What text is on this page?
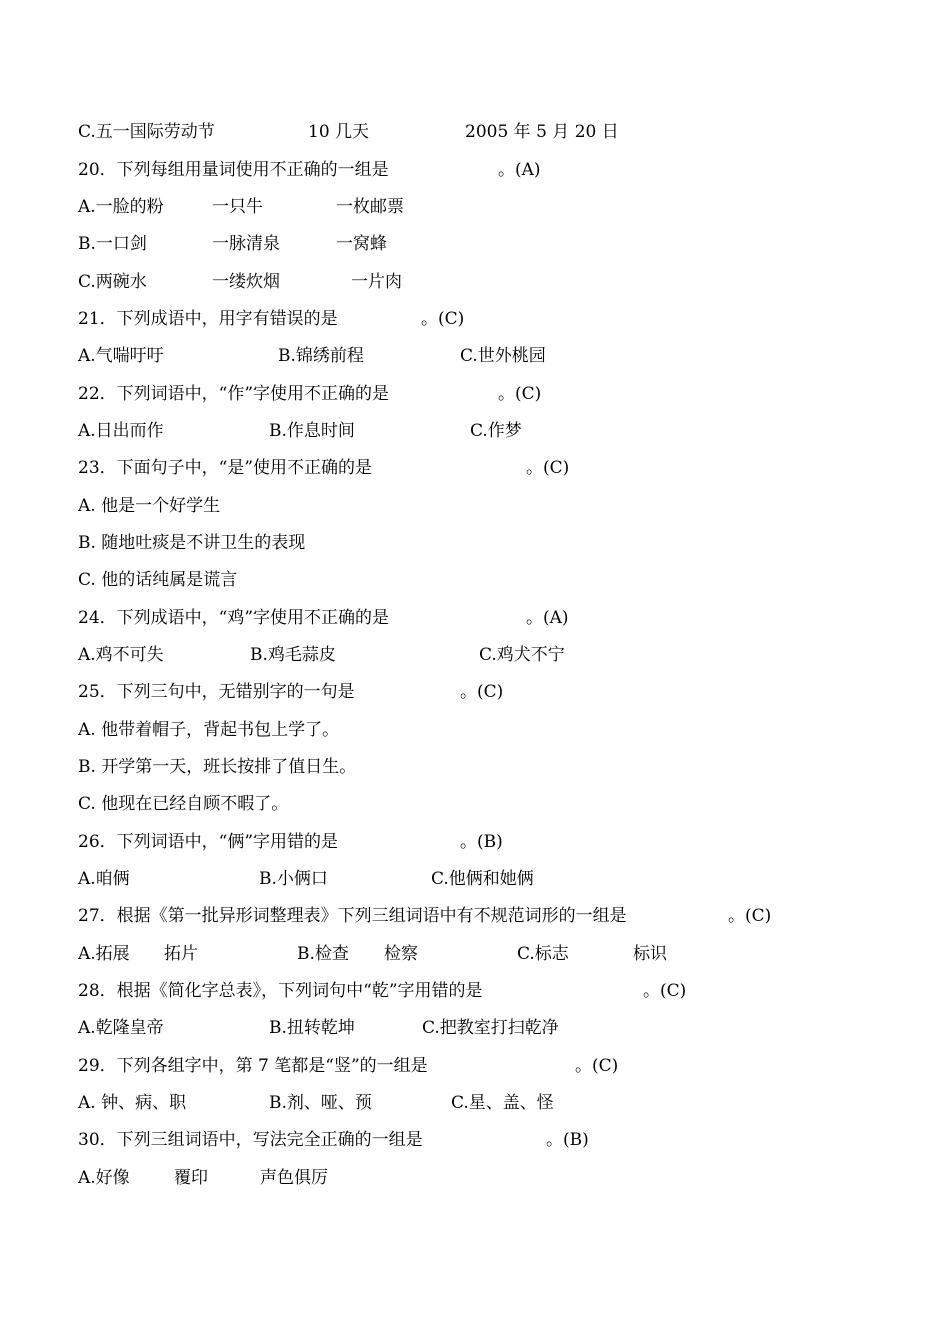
C.五一国际劳动节	10 几天	2005 年 5 月 20 日
20．下列每组用量词使用不正确的一组是	。(A)
A.一脸的粉	一只牛	一枚邮票
B.一口剑	一脉清泉	一窝蜂
C.两碗水	一缕炊烟	一片肉
21．下列成语中，用字有错误的是	。(C)
A.气喘吁吁	B.锦绣前程	C.世外桃园
22．下列词语中，“作”字使用不正确的是	。(C)
A.日出而作	B.作息时间	C.作梦
23．下面句子中，“是”使用不正确的是	。(C)
A. 他是一个好学生
B. 随地吐痰是不讲卫生的表现
C. 他的话纯属是谎言
24．下列成语中，“鸡”字使用不正确的是	。(A)
A.鸡不可失	B.鸡毛蒜皮	C.鸡犬不宁
25．下列三句中，无错别字的一句是	。(C)
A. 他带着帽子，背起书包上学了。
B. 开学第一天，班长按排了值日生。
C. 他现在已经自顾不暇了。
26．下列词语中，“俩”字用错的是	。(B)
A.咱俩	B.小俩口	C.他俩和她俩
27．根据《第一批异形词整理表》下列三组词语中有不规范词形的一组是	。(C)
A.拓展 拓片	B.检查 检察	C.标志	标识
28．根据《简化字总表》，下列词句中“乾”字用错的是	。(C)
A.乾隆皇帝	B.扭转乾坤	C.把教室打扫乾净
29．下列各组字中，第 7 笔都是“竖”的一组是	。(C)
A. 钟、病、职	B.剂、哑、预	C.星、盖、怪
30．下列三组词语中，写法完全正确的一组是	。(B)
A.好像	覆印	声色俱厉
